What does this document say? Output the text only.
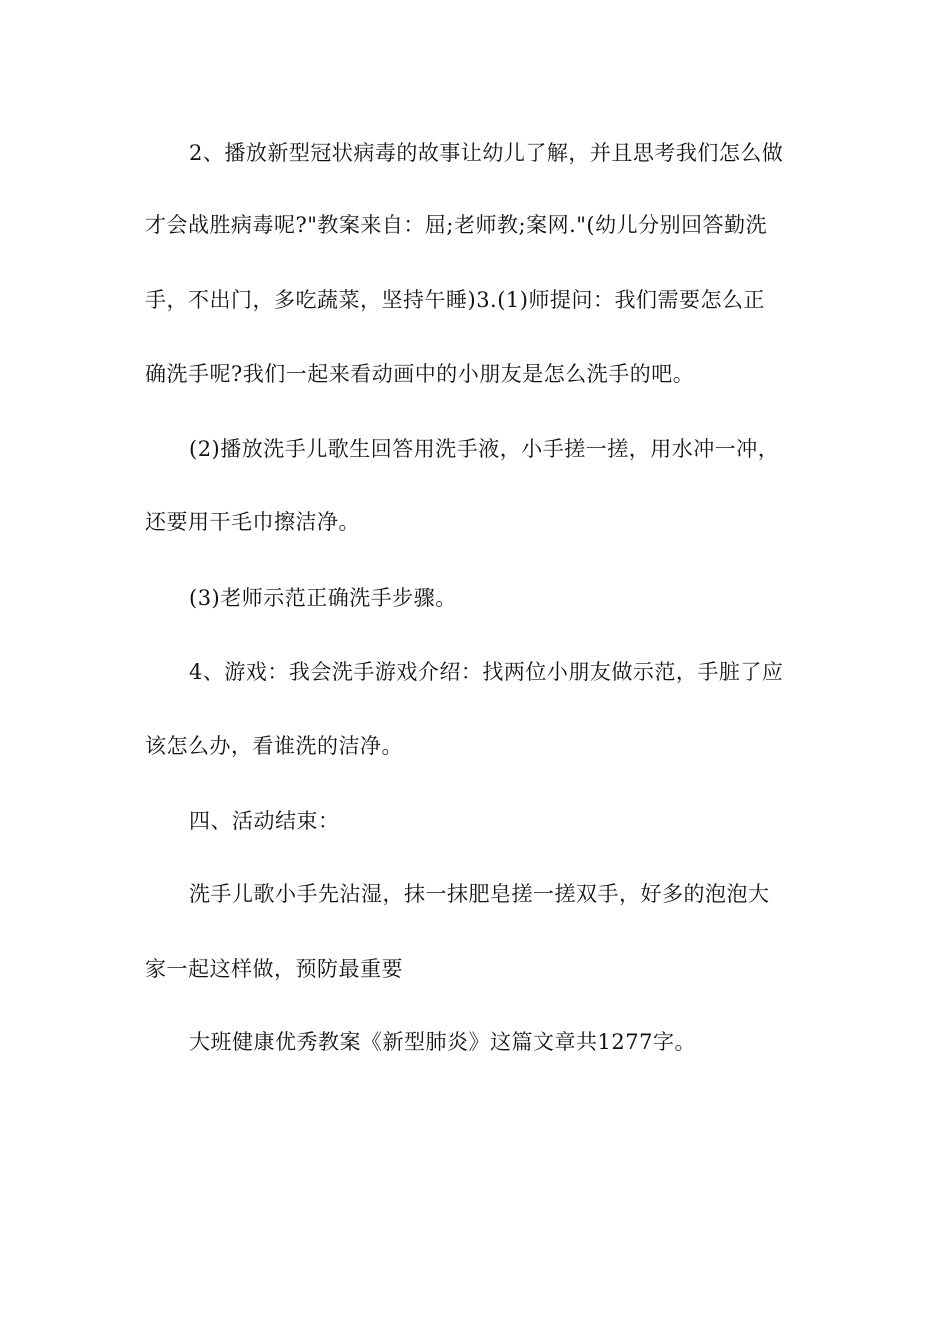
2、播放新型冠状病毒的故事让幼儿了解，并且思考我们怎么做
才会战胜病毒呢?"教案来自：屈;老师教;案网."(幼儿分别回答勤洗
手，不出门，多吃蔬菜，坚持午睡)3.(1)师提问：我们需要怎么正
确洗手呢?我们一起来看动画中的小朋友是怎么洗手的吧。
(2)播放洗手儿歌生回答用洗手液，小手搓一搓，用水冲一冲，
还要用干毛巾擦洁净。
(3)老师示范正确洗手步骤。
4、游戏：我会洗手游戏介绍：找两位小朋友做示范，手脏了应
该怎么办，看谁洗的洁净。
四、活动结束：
洗手儿歌小手先沾湿，抹一抹肥皂搓一搓双手，好多的泡泡大
家一起这样做，预防最重要
大班健康优秀教案《新型肺炎》这篇文章共1277字。
